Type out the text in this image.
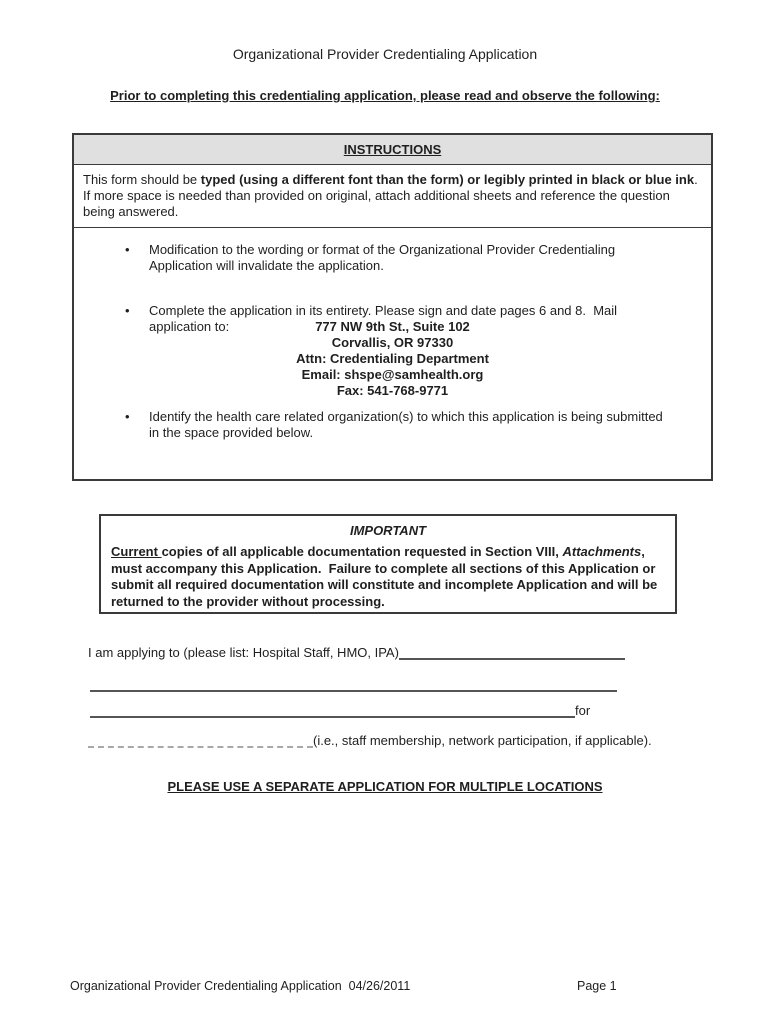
Organizational Provider Credentialing Application
Prior to completing this credentialing application, please read and observe the following:
INSTRUCTIONS
This form should be typed (using a different font than the form) or legibly printed in black or blue ink.  If more space is needed than provided on original, attach additional sheets and reference the question being answered.
•	Modification to the wording or format of the Organizational Provider Credentialing Application will invalidate the application.
•	Complete the application in its entirety. Please sign and date pages 6 and 8.  Mail application to:	777 NW 9th St., Suite 102
Corvallis, OR 97330
Attn: Credentialing Department
Email: shspe@samhealth.org
Fax: 541-768-9771
•	Identify the health care related organization(s) to which this application is being submitted in the space provided below.
IMPORTANT
Current copies of all applicable documentation requested in Section VIII, Attachments, must accompany this Application.  Failure to complete all sections of this Application or submit all required documentation will constitute and incomplete Application and will be returned to the provider without processing.
I am applying to (please list: Hospital Staff, HMO, IPA)
for
(i.e., staff membership, network participation, if applicable).
PLEASE USE A SEPARATE APPLICATION FOR MULTIPLE LOCATIONS
Organizational Provider Credentialing Application  04/26/2011	Page 1
